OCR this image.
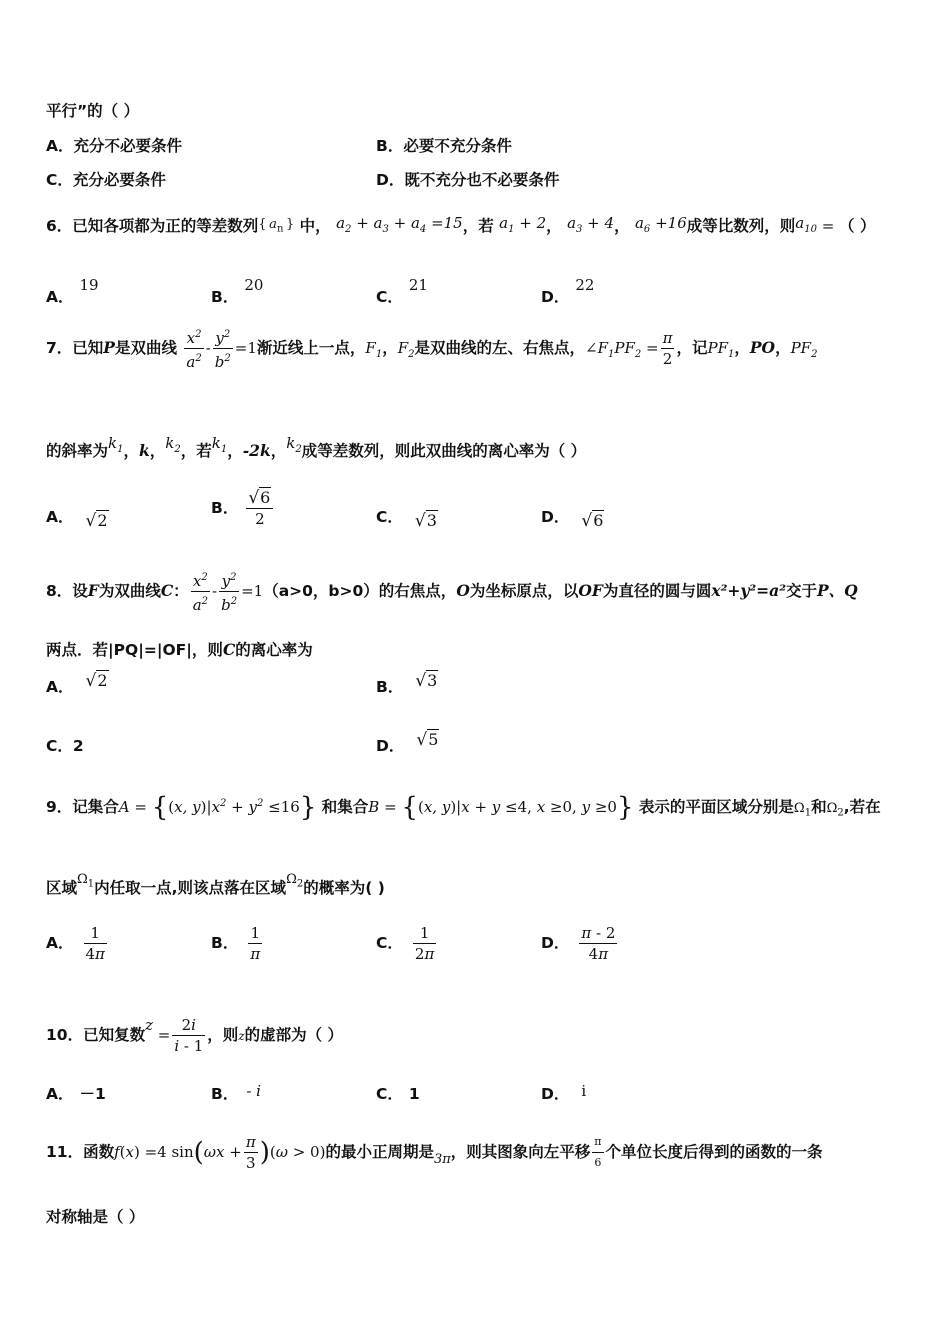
平行”的（ ）
A．充分不必要条件	B．必要不充分条件
C．充分必要条件	D．既不充分也不必要条件
6．已知各项都为正的等差数列{ $a_n$ } 中， $a_2 + a_3 + a_4 =15$，若 $a_1 + 2$， $a_3 + 4$， $a_6 +16$成等比数列，则$a_{10}$ = （ ）
A．19
B．20
C．21
D．22
7．已知P是双曲线 $\frac{x^2}{a^2} - \frac{y^2}{b^2} =1$渐近线上一点，$F_1$，$F_2$是双曲线的左、右焦点，$\angle F_1PF_2 = \frac{\pi}{2}$ ，记$PF_1$，PO，$PF_2$
的斜率为$k_1$，k，$k_2$，若$k_1$，-2k，$k_2$成等差数列，则此双曲线的离心率为（ ）
A． √2
B． $\frac{√6}{2}$	C． √3	D． √6
8．设F为双曲线C： $\frac{x^2}{a^2} - \frac{y^2}{b^2} =1(a>0$，b>0）的右焦点，O为坐标原点，以OF为直径的圆与圆x²+y²=a²交于P、Q
两点．若|PQ|=|OF|，则C的离心率为
A． √2	B． √3
C．2	D． √5
9．记集合A = {(x, $y)|x^2 + y^2 \le 16$} 和集合B = {(x, y)|x + y ≤4, x ≥0, y ≥0} 表示的平面区域分别是$\Omega_1$和$\Omega_2$,若在
区域$^{\Omega_1}$内任取一点,则该点落在区域$^{\Omega_2}$的概率为( )
A． $\frac{1}{4\pi}$	B． $\frac{1}{\pi}$	C． $\frac{1}{2\pi}$	D． $\frac{\pi - 2}{4\pi}$
10．已知复数$z = \frac{2i}{i - 1}$ ，则z的虚部为（ ）
A． －1	B． - i	C． 1	D． i
11．函数f(x) =4 $\sin(\omega x + \frac{\pi}{3} )(\omega > 0)$的最小正周期是$_{3\pi}$，则其图象向左平移 $\frac{\pi}{6}$ 个单位长度后得到的函数的一条
对称轴是（ ）
